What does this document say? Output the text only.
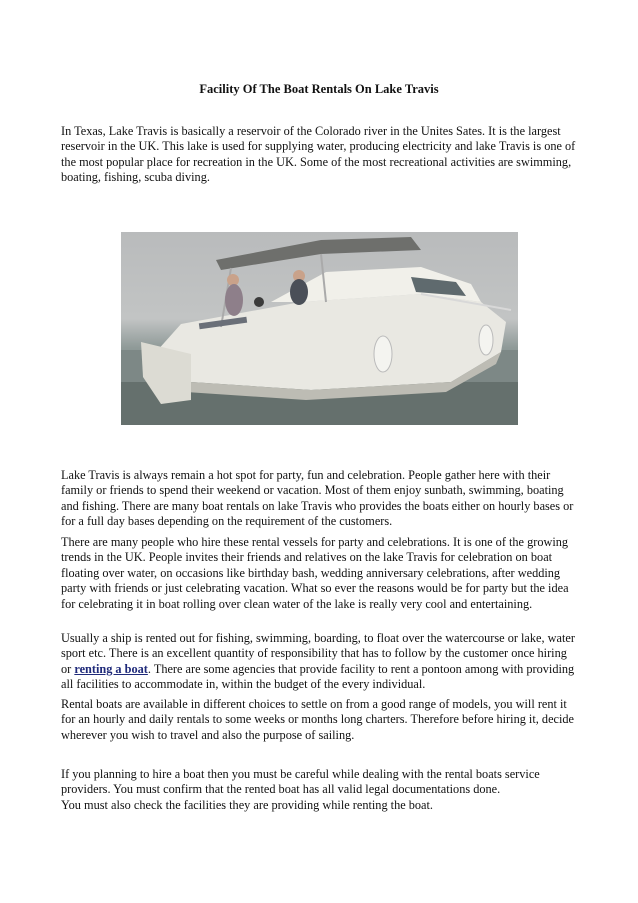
Facility Of The Boat Rentals On Lake Travis

In Texas, Lake Travis is basically a reservoir of the Colorado river in the Unites Sates. It is the largest reservoir in the UK. This lake is used for supplying water, producing electricity and lake Travis is one of the most popular place for recreation in the UK. Some of the most recreational activities are swimming, boating, fishing, scuba diving.

Lake Travis is always remain a hot spot for party, fun and celebration. People gather here with their family or friends to spend their weekend or vacation. Most of them enjoy sunbath, swimming, boating and fishing. There are many boat rentals on lake Travis who provides the boats either on hourly bases or for a full day bases depending on the requirement of the customers.

There are many people who hire these rental vessels for party and celebrations. It is one of the growing trends in the UK. People invites their friends and relatives on the lake Travis for celebration on boat floating over water, on occasions like birthday bash, wedding anniversary celebrations, after wedding party with friends or just celebrating vacation. What so ever the reasons would be for party but the idea for celebrating it in boat rolling over clean water of the lake is really very cool and entertaining.

Usually a ship is rented out for fishing, swimming, boarding, to float over the watercourse or lake, water sport etc. There is an excellent quantity of responsibility that has to follow by the customer once hiring or renting a boat. There are some agencies that provide facility to rent a pontoon among with providing all facilities to accommodate in, within the budget of the every individual.

Rental boats are available in different choices to settle on from a good range of models, you will rent it for an hourly and daily rentals to some weeks or months long charters. Therefore before hiring it, decide wherever you wish to travel and also the purpose of sailing.

If you planning to hire a boat then you must be careful while dealing with the rental boats service providers. You must confirm that the rented boat has all valid legal documentations done.
You must also check the facilities they are providing while renting the boat.
